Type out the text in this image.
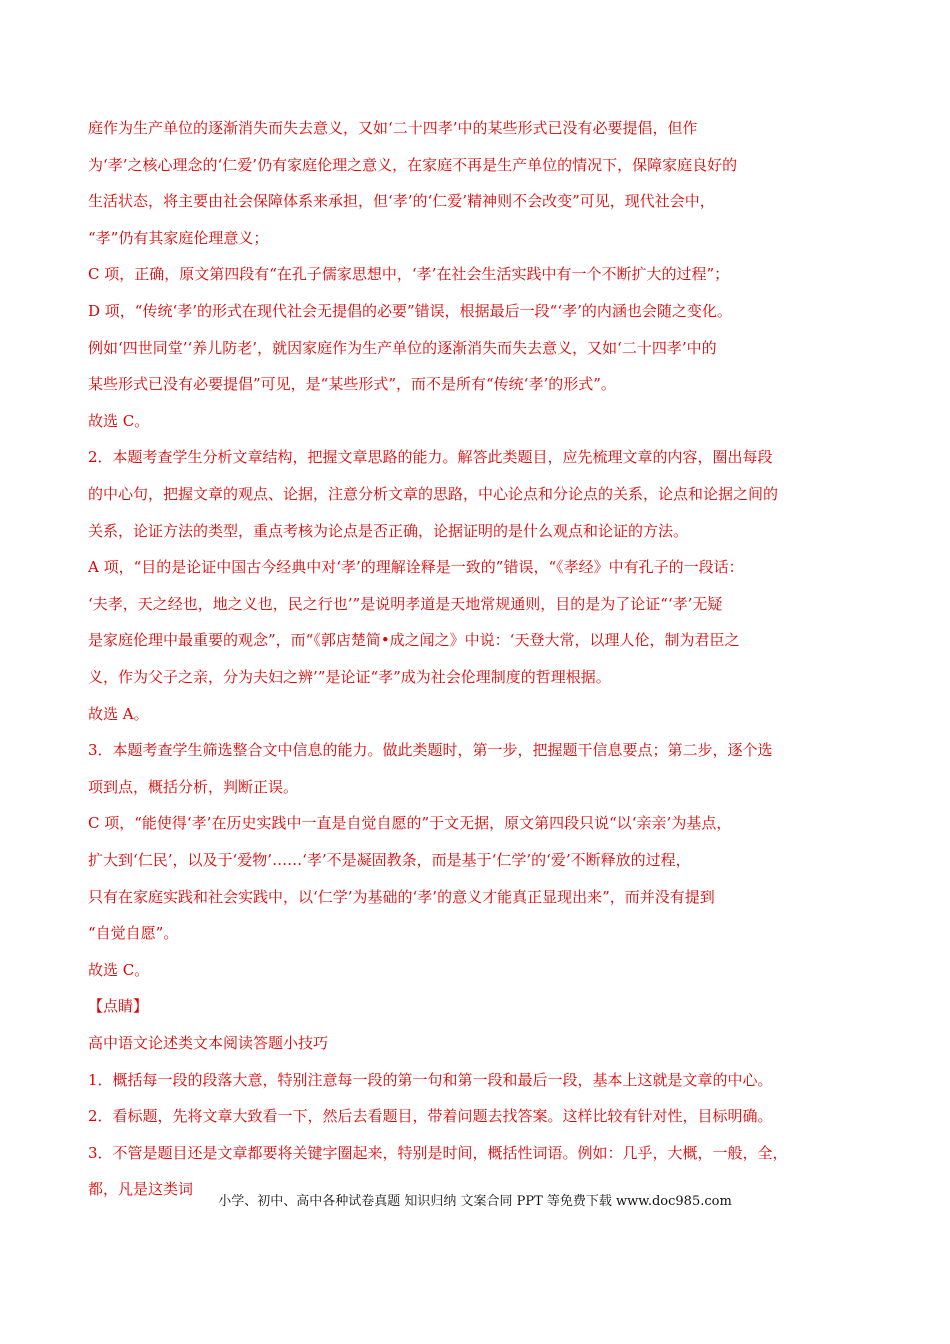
庭作为生产单位的逐渐消失而失去意义，又如‘二十四孝’中的某些形式已没有必要提倡，但作
为‘孝’之核心理念的‘仁爱’仍有家庭伦理之意义，在家庭不再是生产单位的情况下，保障家庭良好的
生活状态，将主要由社会保障体系来承担，但‘孝’的‘仁爱’精神则不会改变”可见，现代社会中，
“孝”仍有其家庭伦理意义；
C 项，正确，原文第四段有“在孔子儒家思想中，‘孝’在社会生活实践中有一个不断扩大的过程”；
D 项，“传统‘孝’的形式在现代社会无提倡的必要”错误，根据最后一段“‘孝’的内涵也会随之变化。
例如‘四世同堂’‘养儿防老’，就因家庭作为生产单位的逐渐消失而失去意义，又如‘二十四孝’中的
某些形式已没有必要提倡”可见，是“某些形式”，而不是所有“传统‘孝’的形式”。
故选 C。
2．本题考查学生分析文章结构，把握文章思路的能力。解答此类题目，应先梳理文章的内容，圈出每段
的中心句，把握文章的观点、论据，注意分析文章的思路，中心论点和分论点的关系，论点和论据之间的
关系，论证方法的类型，重点考核为论点是否正确，论据证明的是什么观点和论证的方法。
A 项，“目的是论证中国古今经典中对‘孝’的理解诠释是一致的”错误，“《孝经》中有孔子的一段话：
‘夫孝，天之经也，地之义也，民之行也’”是说明孝道是天地常规通则，目的是为了论证“‘孝’无疑
是家庭伦理中最重要的观念”，而“《郭店楚简•成之闻之》中说：‘天登大常，以理人伦，制为君臣之
义，作为父子之亲，分为夫妇之辨’”是论证“孝”成为社会伦理制度的哲理根据。
故选 A。
3．本题考查学生筛选整合文中信息的能力。做此类题时，第一步，把握题干信息要点；第二步，逐个选
项到点，概括分析，判断正误。
C 项，“能使得‘孝’在历史实践中一直是自觉自愿的”于文无据，原文第四段只说“以‘亲亲’为基点，
扩大到‘仁民’，以及于‘爱物’……‘孝’不是凝固教条，而是基于‘仁学’的‘爱’不断释放的过程，
只有在家庭实践和社会实践中，以‘仁学’为基础的‘孝’的意义才能真正显现出来”，而并没有提到
“自觉自愿”。
故选 C。
【点睛】
高中语文论述类文本阅读答题小技巧
1．概括每一段的段落大意，特别注意每一段的第一句和第一段和最后一段，基本上这就是文章的中心。
2．看标题，先将文章大致看一下，然后去看题目，带着问题去找答案。这样比较有针对性，目标明确。
3．不管是题目还是文章都要将关键字圈起来，特别是时间，概括性词语。例如：几乎，大概，一般，全，
都，凡是这类词
小学、初中、高中各种试卷真题 知识归纳 文案合同 PPT 等免费下载 www.doc985.com
